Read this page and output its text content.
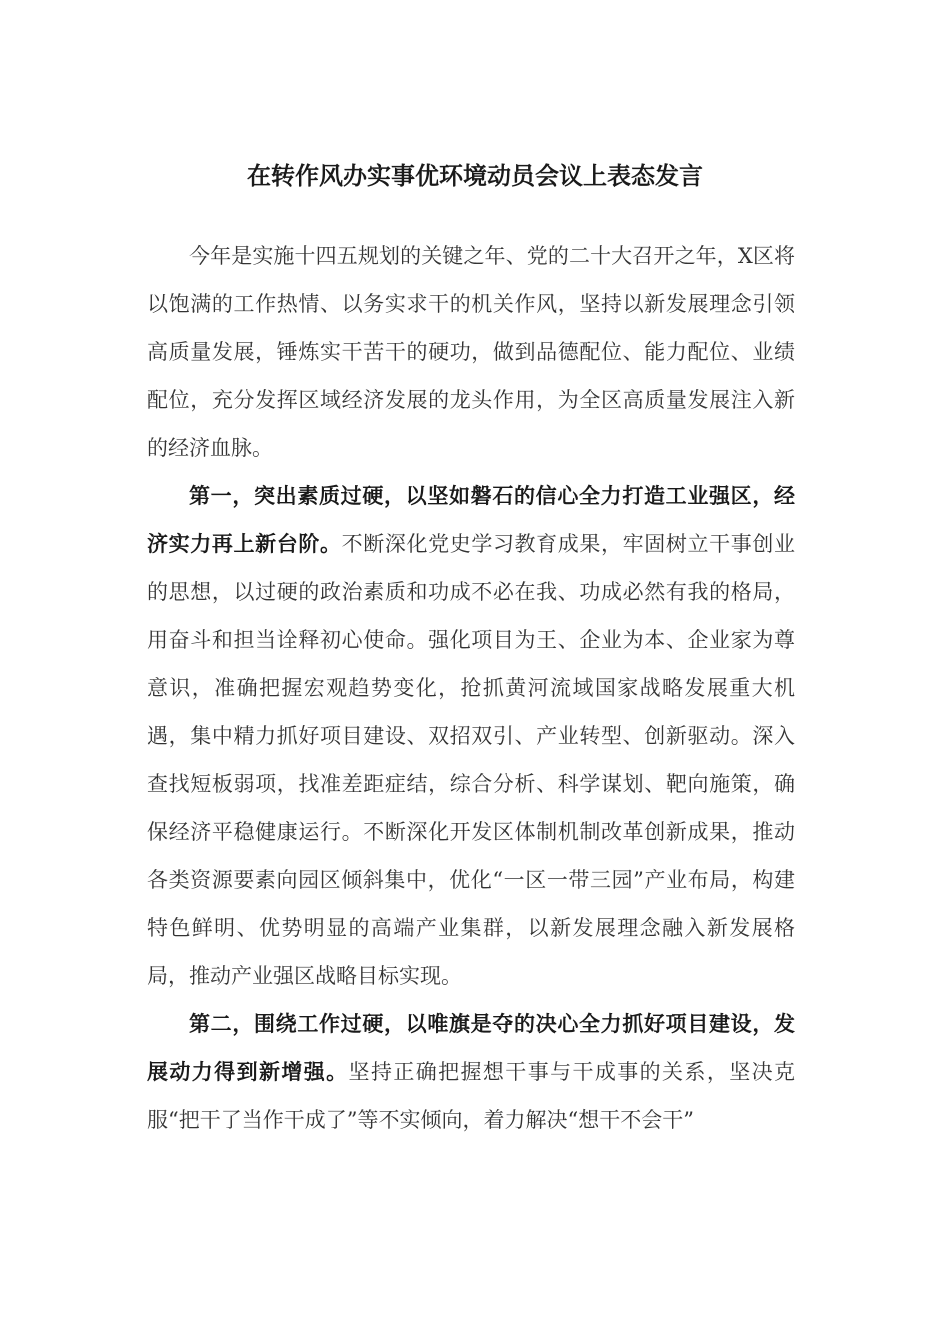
在转作风办实事优环境动员会议上表态发言

今年是实施十四五规划的关键之年、党的二十大召开之年，X区将以饱满的工作热情、以务实求干的机关作风，坚持以新发展理念引领高质量发展，锤炼实干苦干的硬功，做到品德配位、能力配位、业绩配位，充分发挥区域经济发展的龙头作用，为全区高质量发展注入新的经济血脉。

第一，突出素质过硬，以坚如磐石的信心全力打造工业强区，经济实力再上新台阶。不断深化党史学习教育成果，牢固树立干事创业的思想，以过硬的政治素质和功成不必在我、功成必然有我的格局，用奋斗和担当诠释初心使命。强化项目为王、企业为本、企业家为尊意识，准确把握宏观趋势变化，抢抓黄河流域国家战略发展重大机遇，集中精力抓好项目建设、双招双引、产业转型、创新驱动。深入查找短板弱项，找准差距症结，综合分析、科学谋划、靶向施策，确保经济平稳健康运行。不断深化开发区体制机制改革创新成果，推动各类资源要素向园区倾斜集中，优化“一区一带三园”产业布局，构建特色鲜明、优势明显的高端产业集群，以新发展理念融入新发展格局，推动产业强区战略目标实现。

第二，围绕工作过硬，以唯旗是夺的决心全力抓好项目建设，发展动力得到新增强。坚持正确把握想干事与干成事的关系，坚决克服“把干了当作干成了”等不实倾向，着力解决“想干不会干”
